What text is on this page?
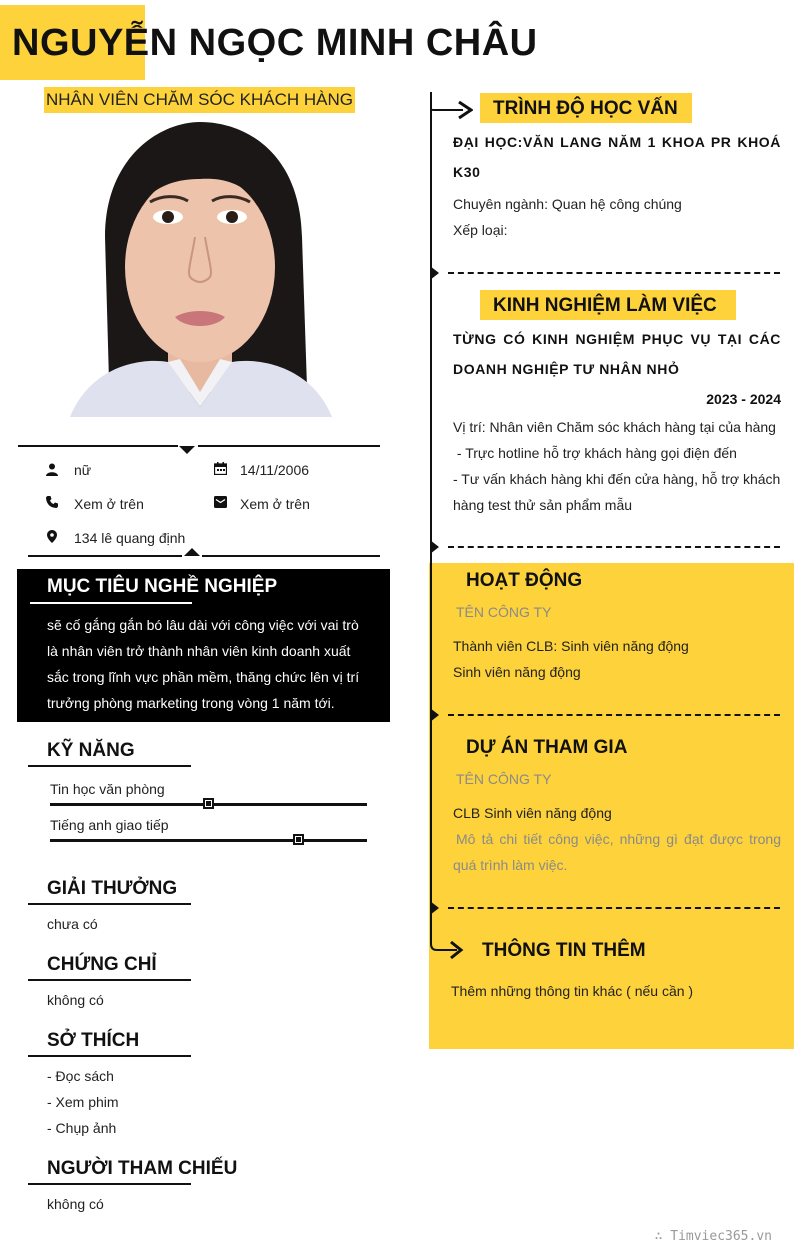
NGUYỄN NGỌC MINH CHÂU
NHÂN VIÊN CHĂM SÓC KHÁCH HÀNG
nữ	14/11/2006
Xem ở trên	Xem ở trên
134 lê quang định
MỤC TIÊU NGHỀ NGHIỆP
sẽ cố gắng gắn bó lâu dài với công việc với vai trò
là nhân viên trở thành nhân viên kinh doanh xuất
sắc trong lĩnh vực phần mềm, thăng chức lên vị trí
trưởng phòng marketing trong vòng 1 năm tới.
KỸ NĂNG
Tin học văn phòng
Tiếng anh giao tiếp
GIẢI THƯỞNG
chưa có
CHỨNG CHỈ
không có
SỞ THÍCH
- Đọc sách
- Xem phim
- Chụp ảnh
NGƯỜI THAM CHIẾU
không có
TRÌNH ĐỘ HỌC VẤN
ĐẠI HỌC:VĂN LANG NĂM 1 KHOA PR KHOÁ
K30
Chuyên ngành: Quan hệ công chúng
Xếp loại:
KINH NGHIỆM LÀM VIỆC
TỪNG CÓ KINH NGHIỆM PHỤC VỤ TẠI CÁC
DOANH NGHIỆP TƯ NHÂN NHỎ
2023 - 2024
Vị trí: Nhân viên Chăm sóc khách hàng tại của hàng
- Trực hotline hỗ trợ khách hàng gọi điện đến
- Tư vấn khách hàng khi đến cửa hàng, hỗ trợ khách
hàng test thử sản phẩm mẫu
HOẠT ĐỘNG
TÊN CÔNG TY
Thành viên CLB: Sinh viên năng động
Sinh viên năng động
DỰ ÁN THAM GIA
TÊN CÔNG TY
CLB Sinh viên năng động
Mô tả chi tiết công việc, những gì đạt được trong
quá trình làm việc.
THÔNG TIN THÊM
Thêm những thông tin khác ( nếu cần )
∴ Timviec365.vn
